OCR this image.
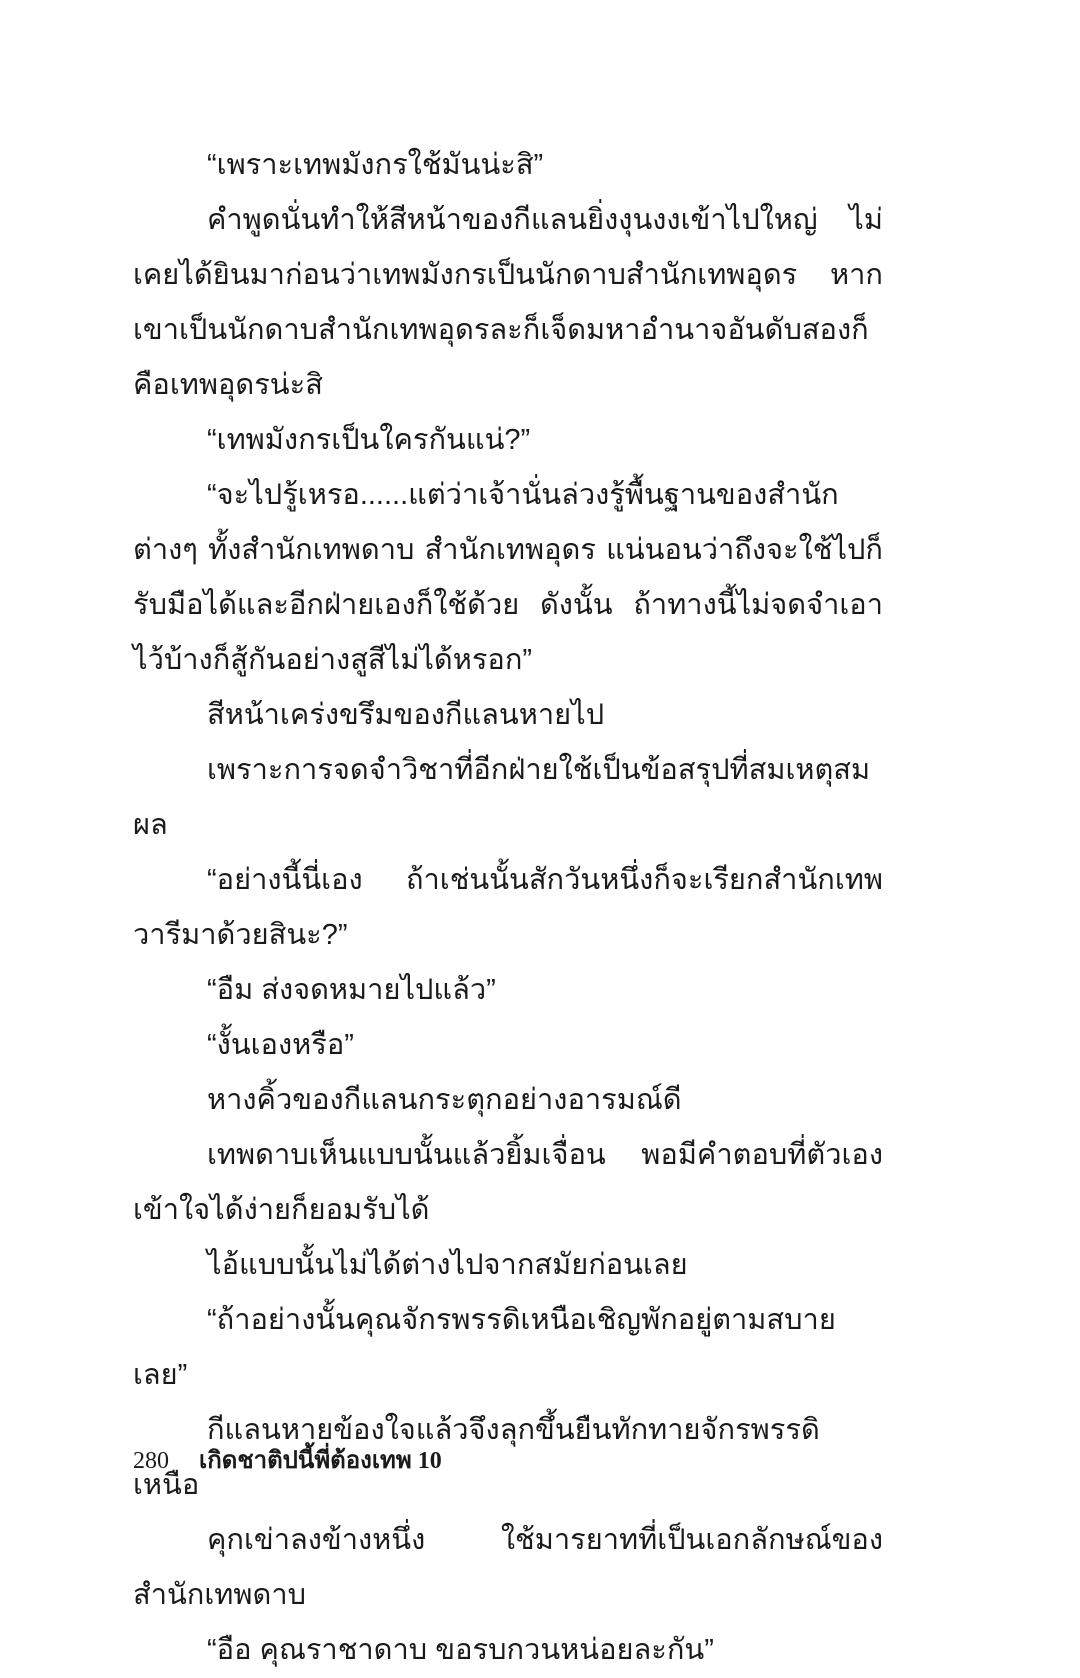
“เพราะเทพมังกรใช้มันน่ะสิ”

คำพูดนั่นทำให้สีหน้าของกีแลนยิ่งงุนงงเข้าไปใหญ่ ไม่เคยได้ยินมาก่อนว่าเทพมังกรเป็นนักดาบสำนักเทพอุดร หากเขาเป็นนักดาบสำนักเทพอุดรละก็เจ็ดมหาอำนาจอันดับสองก็คือเทพอุดรน่ะสิ

“เทพมังกรเป็นใครกันแน่?”

“จะไปรู้เหรอ......แต่ว่าเจ้านั่นล่วงรู้พื้นฐานของสำนักต่างๆ ทั้งสำนักเทพดาบ สำนักเทพอุดร แน่นอนว่าถึงจะใช้ไปก็รับมือได้และอีกฝ่ายเองก็ใช้ด้วย ดังนั้น ถ้าทางนี้ไม่จดจำเอาไว้บ้างก็สู้กันอย่างสูสีไม่ได้หรอก”

สีหน้าเคร่งขรึมของกีแลนหายไป

เพราะการจดจำวิชาที่อีกฝ่ายใช้เป็นข้อสรุปที่สมเหตุสมผล

“อย่างนี้นี่เอง ถ้าเช่นนั้นสักวันหนึ่งก็จะเรียกสำนักเทพวารีมาด้วยสินะ?”

“อืม ส่งจดหมายไปแล้ว”

“งั้นเองหรือ”

หางคิ้วของกีแลนกระตุกอย่างอารมณ์ดี

เทพดาบเห็นแบบนั้นแล้วยิ้มเจื่อน พอมีคำตอบที่ตัวเองเข้าใจได้ง่ายก็ยอมรับได้

ไอ้แบบนั้นไม่ได้ต่างไปจากสมัยก่อนเลย

“ถ้าอย่างนั้นคุณจักรพรรดิเหนือเชิญพักอยู่ตามสบายเลย”

กีแลนหายข้องใจแล้วจึงลุกขึ้นยืนทักทายจักรพรรดิเหนือ

คุกเข่าลงข้างหนึ่ง ใช้มารยาทที่เป็นเอกลักษณ์ของสำนักเทพดาบ

“อือ คุณราชาดาบ ขอรบกวนหน่อยละกัน”

280 เกิดชาติปนี้พี่ต้องเทพ 10
